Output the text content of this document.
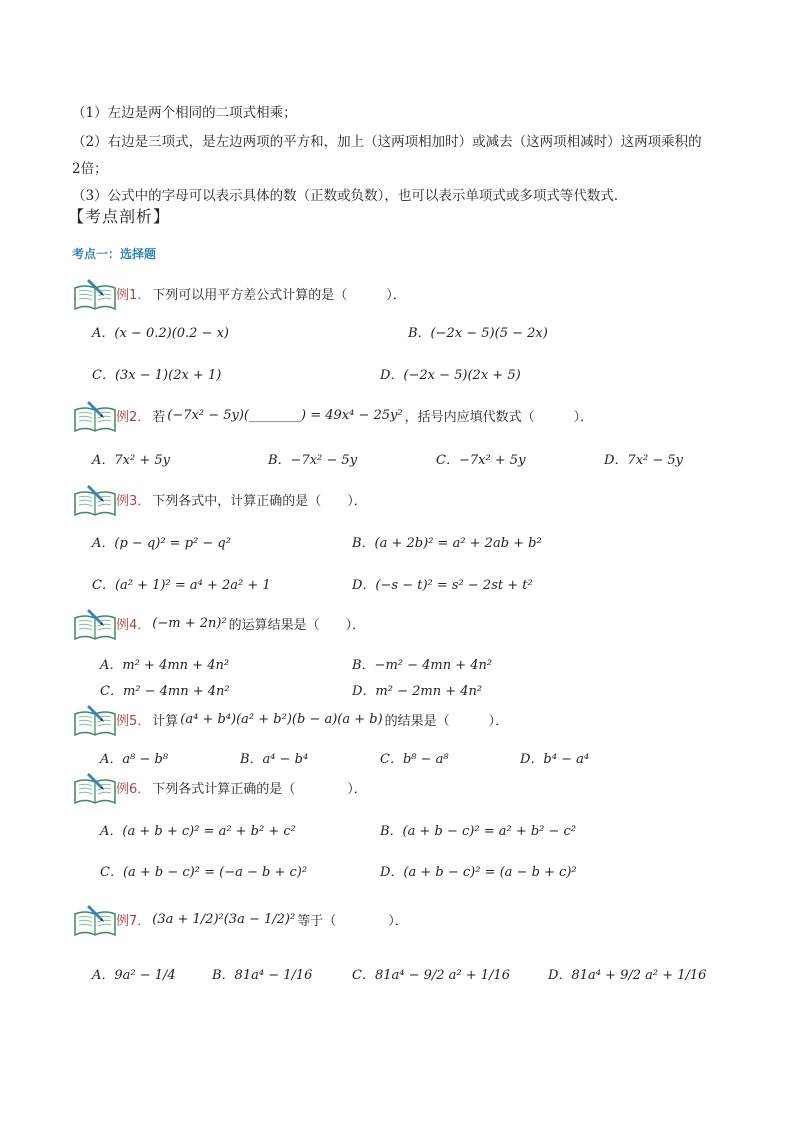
（1）左边是两个相同的二项式相乘；
（2）右边是三项式，是左边两项的平方和，加上（这两项相加时）或减去（这两项相减时）这两项乘积的
2倍；
（3）公式中的字母可以表示具体的数（正数或负数），也可以表示单项式或多项式等代数式．
【考点剖析】
考点一：选择题
例1． 下列可以用平方差公式计算的是（　　　）．
A．(x − 0.2)(0.2 − x)	B．(−2x − 5)(5 − 2x)
C．(3x − 1)(2x + 1)	D．(−2x − 5)(2x + 5)
例2． 若 (−7x² − 5y)(________) = 49x⁴ − 25y² ，括号内应填代数式（　　　）．
A．7x² + 5y	B．−7x² − 5y	C．−7x² + 5y	D．7x² − 5y
例3． 下列各式中，计算正确的是（　　）．
A．(p − q)² = p² − q²	B．(a + 2b)² = a² + 2ab + b²
C．(a² + 1)² = a⁴ + 2a² + 1	D．(−s − t)² = s² − 2st + t²
例4． (−m + 2n)² 的运算结果是（　　）．
A．m² + 4mn + 4n²	B．−m² − 4mn + 4n²
C．m² − 4mn + 4n²	D．m² − 2mn + 4n²
例5． 计算 (a⁴ + b⁴)(a² + b²)(b − a)(a + b) 的结果是（　　　）．
A．a⁸ − b⁸	B．a⁴ − b⁴	C．b⁸ − a⁸	D．b⁴ − a⁴
例6． 下列各式计算正确的是（　　　　）．
A．(a + b + c)² = a² + b² + c²	B．(a + b − c)² = a² + b² − c²
C．(a + b − c)² = (−a − b + c)²	D．(a + b − c)² = (a − b + c)²
例7． (3a + 1/2)²(3a − 1/2)² 等于（　　　　）．
A．9a² − 1/4	B．81a⁴ − 1/16	C．81a⁴ − 9/2 a² + 1/16	D．81a⁴ + 9/2 a² + 1/16
